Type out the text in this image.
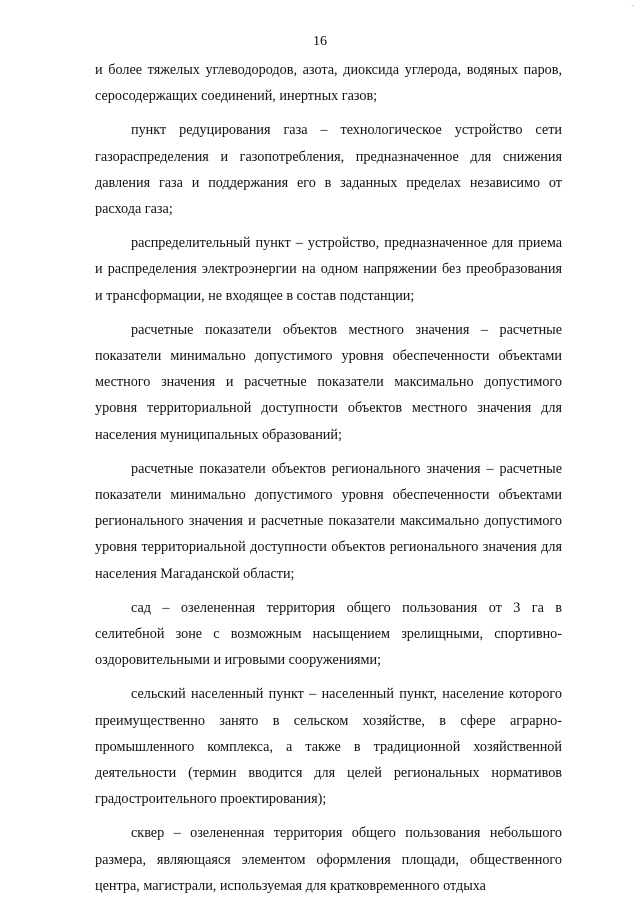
ˆ
16

и более тяжелых углеводородов, азота, диоксида углерода, водяных паров, серосодержащих соединений, инертных газов;

пункт редуцирования газа – технологическое устройство сети газораспределения и газопотребления, предназначенное для снижения давления газа и поддержания его в заданных пределах независимо от расхода газа;

распределительный пункт – устройство, предназначенное для приема и распределения электроэнергии на одном напряжении без преобразования и трансформации, не входящее в состав подстанции;

расчетные показатели объектов местного значения – расчетные показатели минимально допустимого уровня обеспеченности объектами местного значения и расчетные показатели максимально допустимого уровня территориальной доступности объектов местного значения для населения муниципальных образований;

расчетные показатели объектов регионального значения – расчетные показатели минимально допустимого уровня обеспеченности объектами регионального значения и расчетные показатели максимально допустимого уровня территориальной доступности объектов регионального значения для населения Магаданской области;

сад – озелененная территория общего пользования от 3 га в селитебной зоне с возможным насыщением зрелищными, спортивно-оздоровительными и игровыми сооружениями;

сельский населенный пункт – населенный пункт, население которого преимущественно занято в сельском хозяйстве, в сфере аграрно-промышленного комплекса, а также в традиционной хозяйственной деятельности (термин вводится для целей региональных нормативов градостроительного проектирования);

сквер – озелененная территория общего пользования небольшого размера, являющаяся элементом оформления площади, общественного центра, магистрали, используемая для кратковременного отдыха
